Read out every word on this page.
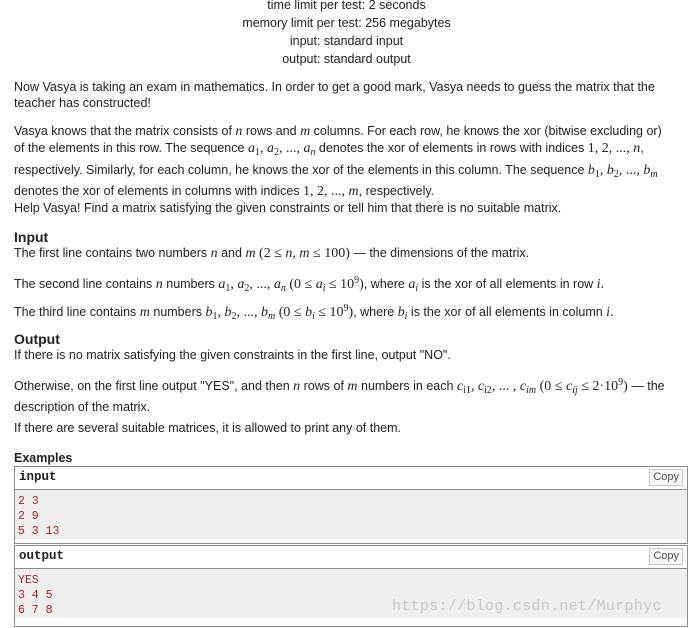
time limit per test: 2 seconds
memory limit per test: 256 megabytes
input: standard input
output: standard output
Now Vasya is taking an exam in mathematics. In order to get a good mark, Vasya needs to guess the matrix that the teacher has constructed!
Vasya knows that the matrix consists of n rows and m columns. For each row, he knows the xor (bitwise excluding or) of the elements in this row. The sequence $a_1$, $a_2$, ..., $a_n$ denotes the xor of elements in rows with indices 1, 2, ..., n, respectively. Similarly, for each column, he knows the xor of the elements in this column. The sequence $b_1$, $b_2$, ..., $b_m$ denotes the xor of elements in columns with indices 1, 2, ..., m, respectively.
Help Vasya! Find a matrix satisfying the given constraints or tell him that there is no suitable matrix.
Input
The first line contains two numbers n and m (2 ≤ n, m ≤ 100) — the dimensions of the matrix.
The second line contains n numbers $a_1$, $a_2$, ..., $a_n$ $(0 \le a_i \le 10^9)$, where $a_i$ is the xor of all elements in row i.
The third line contains m numbers $b_1$, $b_2$, ..., $b_m$ $(0 \le b_i \le 10^9)$, where $b_i$ is the xor of all elements in column i.
Output
If there is no matrix satisfying the given constraints in the first line, output "NO".
Otherwise, on the first line output "YES", and then n rows of m numbers in each $c_{i1}$, $c_{i2}$, ... , $c_{im}$ $(0 \le c_{ij} \le 2\cdot 10^9)$ — the description of the matrix.
If there are several suitable matrices, it is allowed to print any of them.
Examples
input	Copy
2 3
2 9
5 3 13
output	Copy
YES
3 4 5
6 7 8	https://blog.csdn.net/Murphyc
